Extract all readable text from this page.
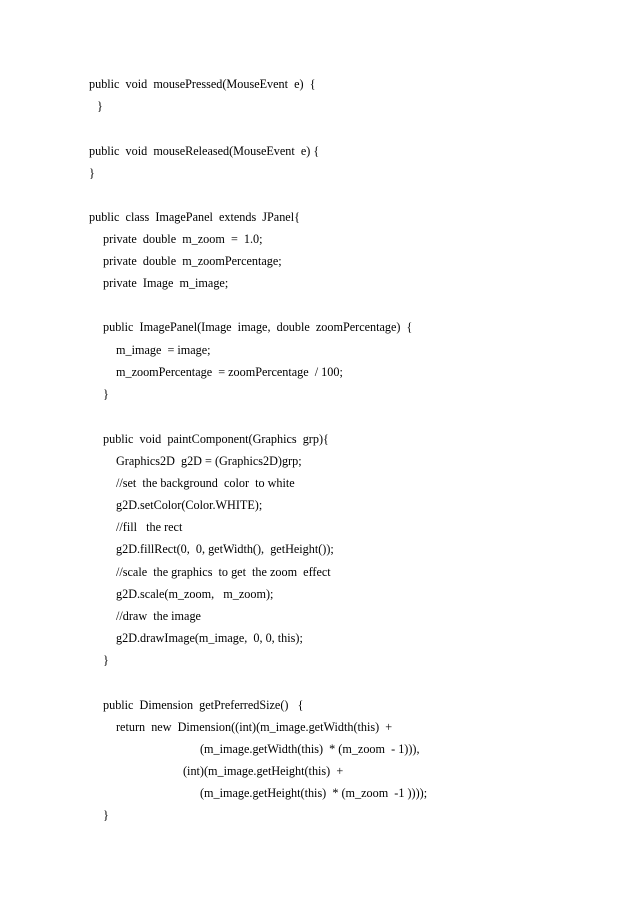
public  void  mousePressed(MouseEvent  e)  {
}
public  void  mouseReleased(MouseEvent  e) {
}
public  class  ImagePanel  extends  JPanel{
private  double  m_zoom  =  1.0;
private  double  m_zoomPercentage;
private  Image  m_image;
public  ImagePanel(Image  image,  double  zoomPercentage)  {
m_image  = image;
m_zoomPercentage  = zoomPercentage  / 100;
}
public  void  paintComponent(Graphics  grp){
Graphics2D  g2D = (Graphics2D)grp;
//set  the background  color  to white
g2D.setColor(Color.WHITE);
//fill   the rect
g2D.fillRect(0,  0, getWidth(),  getHeight());
//scale  the graphics  to get  the zoom  effect
g2D.scale(m_zoom,   m_zoom);
//draw  the image
g2D.drawImage(m_image,  0, 0, this);
}
public  Dimension  getPreferredSize()   {
return  new  Dimension((int)(m_image.getWidth(this)  +
(m_image.getWidth(this)  * (m_zoom  - 1))),
(int)(m_image.getHeight(this)  +
(m_image.getHeight(this)  * (m_zoom  -1 ))));
}
